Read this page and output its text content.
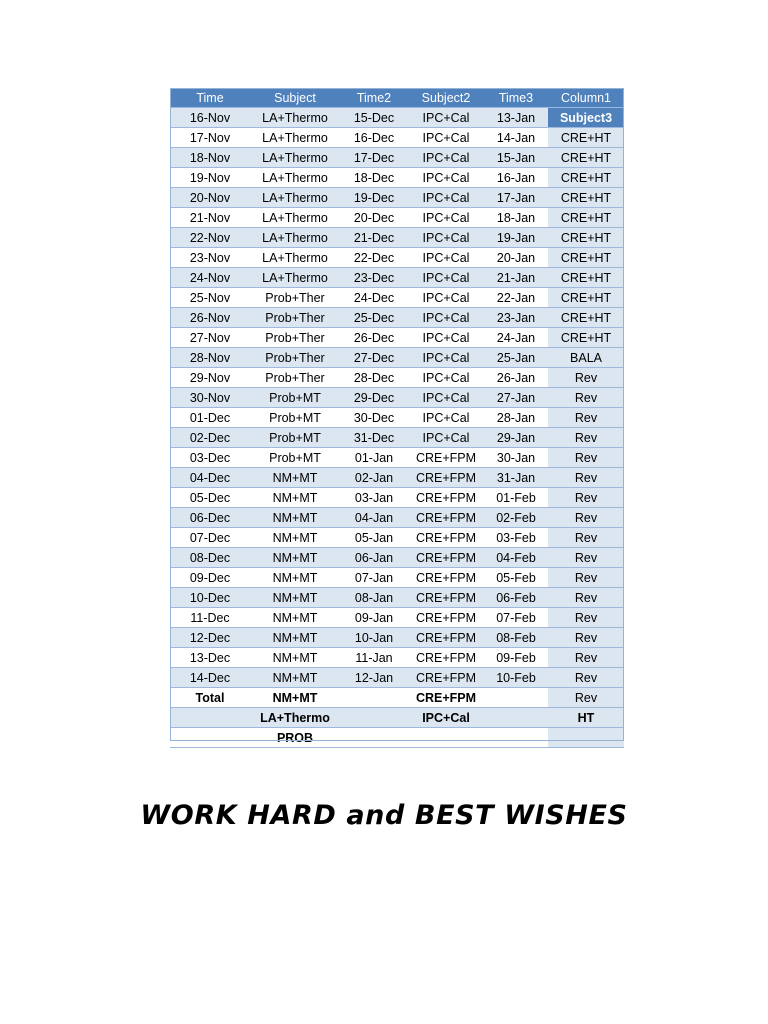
Time	Subject	Time2	Subject2	Time3	Column1
16-Nov	LA+Thermo	15-Dec	IPC+Cal	13-Jan	Subject3
17-Nov	LA+Thermo	16-Dec	IPC+Cal	14-Jan	CRE+HT
18-Nov	LA+Thermo	17-Dec	IPC+Cal	15-Jan	CRE+HT
19-Nov	LA+Thermo	18-Dec	IPC+Cal	16-Jan	CRE+HT
20-Nov	LA+Thermo	19-Dec	IPC+Cal	17-Jan	CRE+HT
21-Nov	LA+Thermo	20-Dec	IPC+Cal	18-Jan	CRE+HT
22-Nov	LA+Thermo	21-Dec	IPC+Cal	19-Jan	CRE+HT
23-Nov	LA+Thermo	22-Dec	IPC+Cal	20-Jan	CRE+HT
24-Nov	LA+Thermo	23-Dec	IPC+Cal	21-Jan	CRE+HT
25-Nov	Prob+Ther	24-Dec	IPC+Cal	22-Jan	CRE+HT
26-Nov	Prob+Ther	25-Dec	IPC+Cal	23-Jan	CRE+HT
27-Nov	Prob+Ther	26-Dec	IPC+Cal	24-Jan	CRE+HT
28-Nov	Prob+Ther	27-Dec	IPC+Cal	25-Jan	BALA
29-Nov	Prob+Ther	28-Dec	IPC+Cal	26-Jan	Rev
30-Nov	Prob+MT	29-Dec	IPC+Cal	27-Jan	Rev
01-Dec	Prob+MT	30-Dec	IPC+Cal	28-Jan	Rev
02-Dec	Prob+MT	31-Dec	IPC+Cal	29-Jan	Rev
03-Dec	Prob+MT	01-Jan	CRE+FPM	30-Jan	Rev
04-Dec	NM+MT	02-Jan	CRE+FPM	31-Jan	Rev
05-Dec	NM+MT	03-Jan	CRE+FPM	01-Feb	Rev
06-Dec	NM+MT	04-Jan	CRE+FPM	02-Feb	Rev
07-Dec	NM+MT	05-Jan	CRE+FPM	03-Feb	Rev
08-Dec	NM+MT	06-Jan	CRE+FPM	04-Feb	Rev
09-Dec	NM+MT	07-Jan	CRE+FPM	05-Feb	Rev
10-Dec	NM+MT	08-Jan	CRE+FPM	06-Feb	Rev
11-Dec	NM+MT	09-Jan	CRE+FPM	07-Feb	Rev
12-Dec	NM+MT	10-Jan	CRE+FPM	08-Feb	Rev
13-Dec	NM+MT	11-Jan	CRE+FPM	09-Feb	Rev
14-Dec	NM+MT	12-Jan	CRE+FPM	10-Feb	Rev
Total	NM+MT		CRE+FPM		Rev
	LA+Thermo		IPC+Cal		HT
	PROB				
WORK HARD and BEST WISHES
